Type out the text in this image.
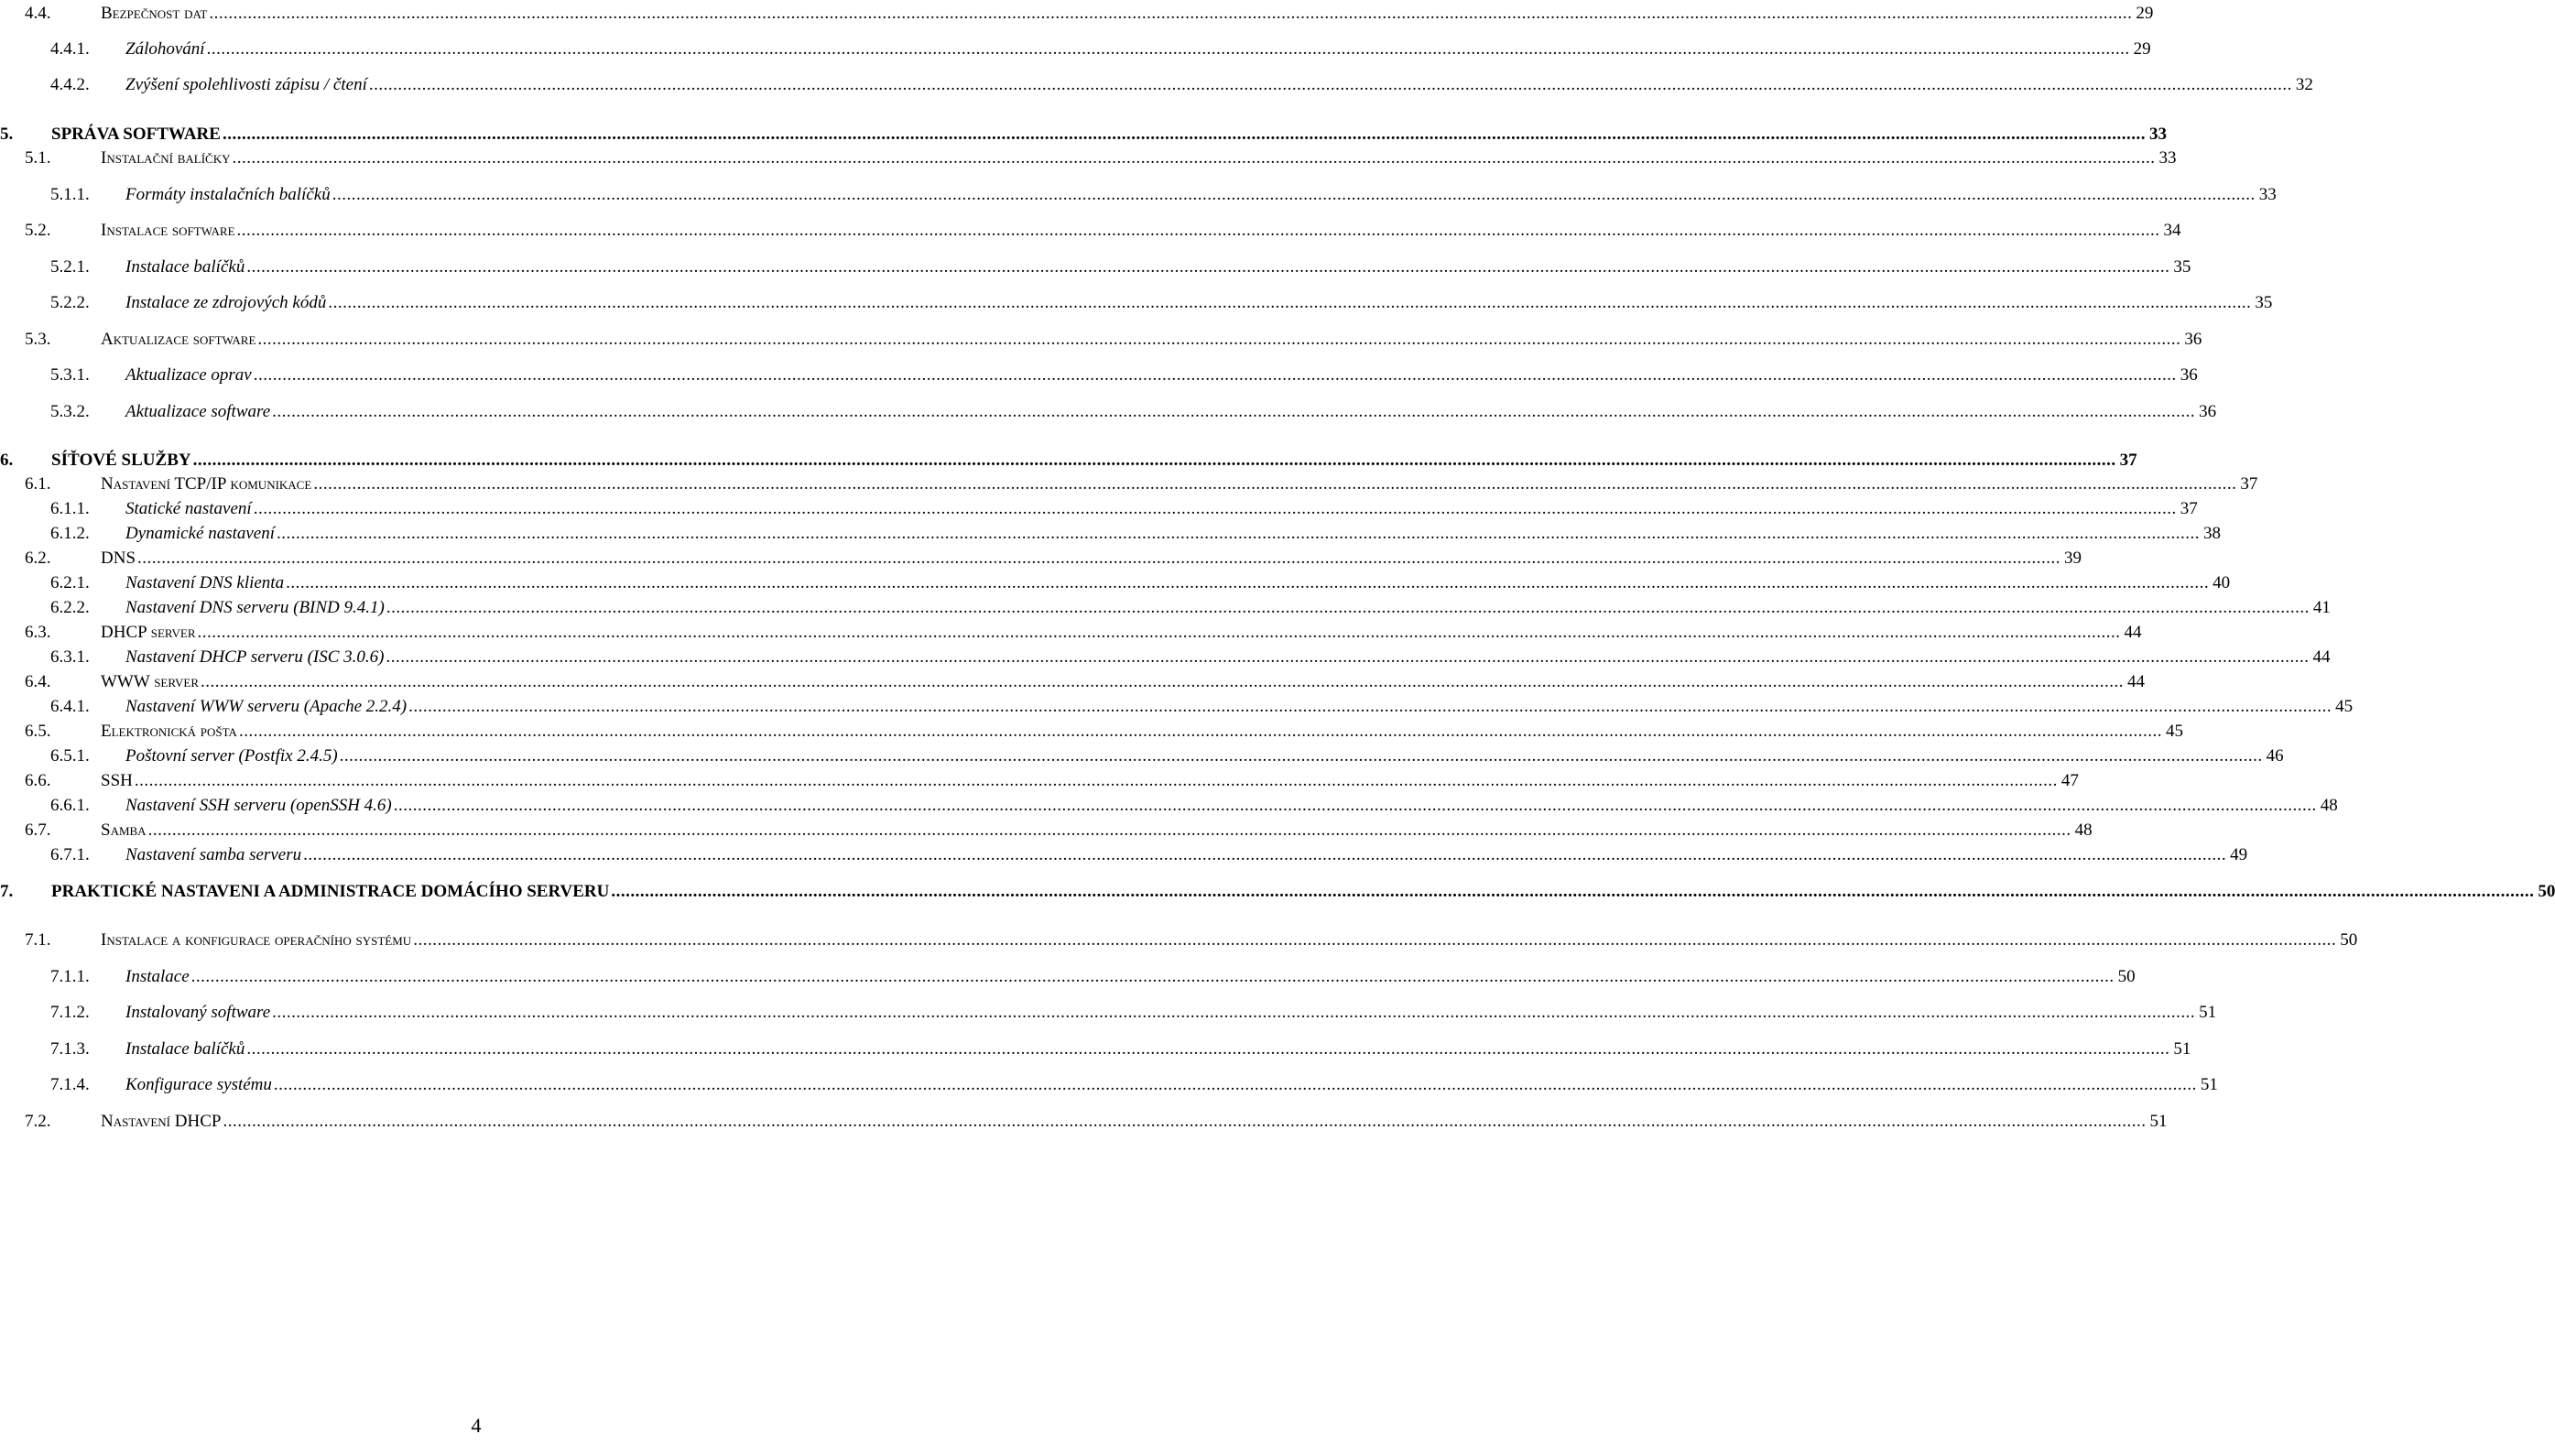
4.4.	Bezpečnost dat ................................................................................................................................................................................................................................................................................................................................................................................................................ 29
4.4.1.	Zálohování ................................................................................................................................................................................................................................................................................................................................................................................................................ 29
4.4.2.	Zvýšení spolehlivosti zápisu / čtení ................................................................................................................................................................................................................................................................................................................................................................................................................ 32
5.	SPRÁVA SOFTWARE ................................................................................................................................................................................................................................................................................................................................................................................................................ 33
5.1.	Instalační balíčky ................................................................................................................................................................................................................................................................................................................................................................................................................ 33
5.1.1.	Formáty instalačních balíčků ................................................................................................................................................................................................................................................................................................................................................................................................................ 33
5.2.	Instalace software ................................................................................................................................................................................................................................................................................................................................................................................................................ 34
5.2.1.	Instalace balíčků ................................................................................................................................................................................................................................................................................................................................................................................................................ 35
5.2.2.	Instalace ze zdrojových kódů ................................................................................................................................................................................................................................................................................................................................................................................................................ 35
5.3.	Aktualizace software ................................................................................................................................................................................................................................................................................................................................................................................................................ 36
5.3.1.	Aktualizace oprav ................................................................................................................................................................................................................................................................................................................................................................................................................ 36
5.3.2.	Aktualizace software ................................................................................................................................................................................................................................................................................................................................................................................................................ 36
6.	SÍŤOVÉ SLUŽBY ................................................................................................................................................................................................................................................................................................................................................................................................................ 37
6.1.	Nastavení TCP/IP komunikace ................................................................................................................................................................................................................................................................................................................................................................................................................ 37
6.1.1.	Statické nastavení ................................................................................................................................................................................................................................................................................................................................................................................................................ 37
6.1.2.	Dynamické nastavení ................................................................................................................................................................................................................................................................................................................................................................................................................ 38
6.2.	DNS ................................................................................................................................................................................................................................................................................................................................................................................................................ 39
6.2.1.	Nastavení DNS klienta ................................................................................................................................................................................................................................................................................................................................................................................................................ 40
6.2.2.	Nastavení DNS serveru (BIND 9.4.1) ................................................................................................................................................................................................................................................................................................................................................................................................................ 41
6.3.	DHCP server ................................................................................................................................................................................................................................................................................................................................................................................................................ 44
6.3.1.	Nastavení DHCP serveru (ISC 3.0.6) ................................................................................................................................................................................................................................................................................................................................................................................................................ 44
6.4.	WWW server ................................................................................................................................................................................................................................................................................................................................................................................................................ 44
6.4.1.	Nastavení WWW serveru (Apache 2.2.4) ................................................................................................................................................................................................................................................................................................................................................................................................................ 45
6.5.	Elektronická pošta ................................................................................................................................................................................................................................................................................................................................................................................................................ 45
6.5.1.	Poštovní server (Postfix 2.4.5) ................................................................................................................................................................................................................................................................................................................................................................................................................ 46
6.6.	SSH ................................................................................................................................................................................................................................................................................................................................................................................................................ 47
6.6.1.	Nastavení SSH serveru (openSSH 4.6) ................................................................................................................................................................................................................................................................................................................................................................................................................ 48
6.7.	Samba ................................................................................................................................................................................................................................................................................................................................................................................................................ 48
6.7.1.	Nastavení samba serveru ................................................................................................................................................................................................................................................................................................................................................................................................................ 49
7.	PRAKTICKÉ NASTAVENI A ADMINISTRACE DOMÁCÍHO SERVERU ................................................................................................................................................................................................................................................................................................................................................................................................................ 50
7.1.	Instalace a konfigurace operačního systému ................................................................................................................................................................................................................................................................................................................................................................................................................ 50
7.1.1.	Instalace ................................................................................................................................................................................................................................................................................................................................................................................................................ 50
7.1.2.	Instalovaný software ................................................................................................................................................................................................................................................................................................................................................................................................................ 51
7.1.3.	Instalace balíčků ................................................................................................................................................................................................................................................................................................................................................................................................................ 51
7.1.4.	Konfigurace systému ................................................................................................................................................................................................................................................................................................................................................................................................................ 51
7.2.	Nastavení DHCP ................................................................................................................................................................................................................................................................................................................................................................................................................ 51
4
